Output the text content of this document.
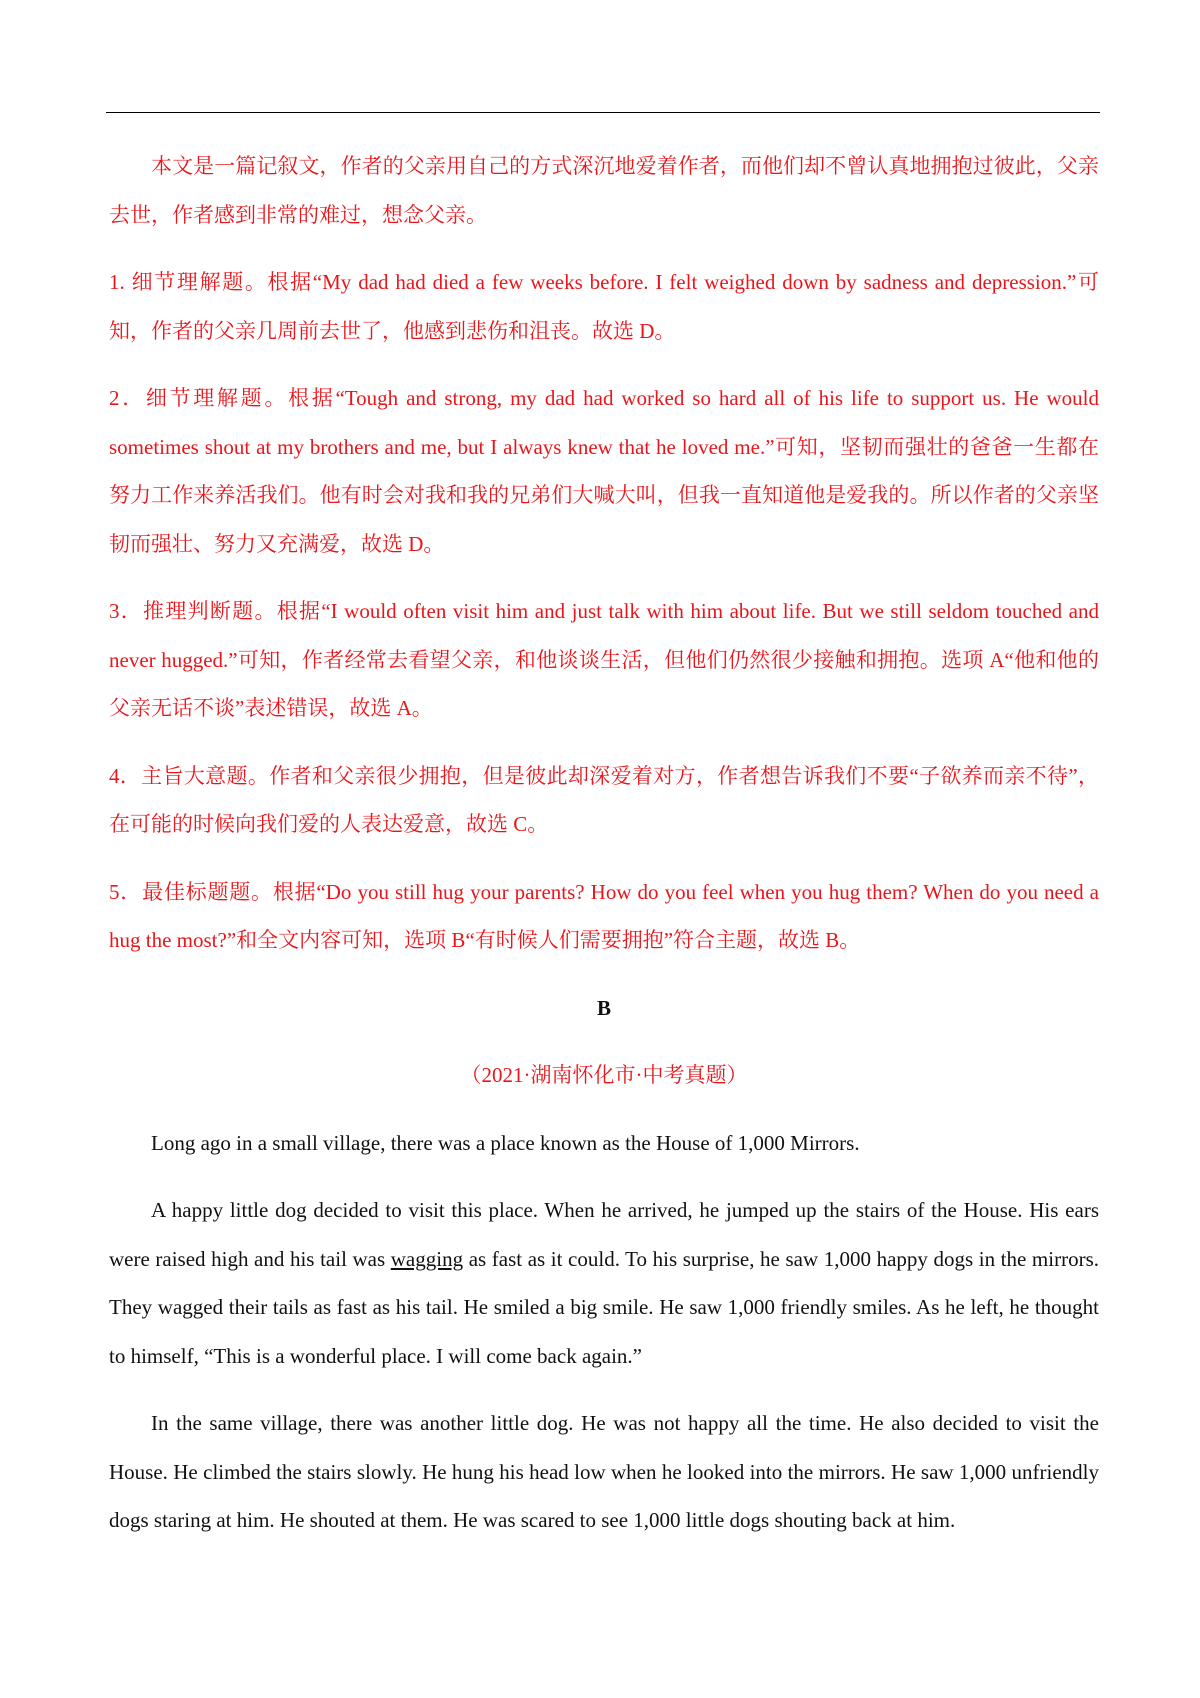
本文是一篇记叙文，作者的父亲用自己的方式深沉地爱着作者，而他们却不曾认真地拥抱过彼此，父亲去世，作者感到非常的难过，想念父亲。

1. 细节理解题。根据“My dad had died a few weeks before. I felt weighed down by sadness and depression.”可知，作者的父亲几周前去世了，他感到悲伤和沮丧。故选 D。

2．细节理解题。根据“Tough and strong, my dad had worked so hard all of his life to support us. He would sometimes shout at my brothers and me, but I always knew that he loved me.”可知，坚韧而强壮的爸爸一生都在努力工作来养活我们。他有时会对我和我的兄弟们大喊大叫，但我一直知道他是爱我的。所以作者的父亲坚韧而强壮、努力又充满爱，故选 D。

3．推理判断题。根据“I would often visit him and just talk with him about life. But we still seldom touched and never hugged.”可知，作者经常去看望父亲，和他谈谈生活，但他们仍然很少接触和拥抱。选项 A“他和他的父亲无话不谈”表述错误，故选 A。

4．主旨大意题。作者和父亲很少拥抱，但是彼此却深爱着对方，作者想告诉我们不要“子欲养而亲不待”，在可能的时候向我们爱的人表达爱意，故选 C。

5．最佳标题题。根据“Do you still hug your parents? How do you feel when you hug them? When do you need a hug the most?”和全文内容可知，选项 B“有时候人们需要拥抱”符合主题，故选 B。

B

（2021·湖南怀化市·中考真题）

Long ago in a small village, there was a place known as the House of 1,000 Mirrors.

A happy little dog decided to visit this place. When he arrived, he jumped up the stairs of the House. His ears were raised high and his tail was wagging as fast as it could. To his surprise, he saw 1,000 happy dogs in the mirrors. They wagged their tails as fast as his tail. He smiled a big smile. He saw 1,000 friendly smiles. As he left, he thought to himself, “This is a wonderful place. I will come back again.”

In the same village, there was another little dog. He was not happy all the time. He also decided to visit the House. He climbed the stairs slowly. He hung his head low when he looked into the mirrors. He saw 1,000 unfriendly dogs staring at him. He shouted at them. He was scared to see 1,000 little dogs shouting back at him.
